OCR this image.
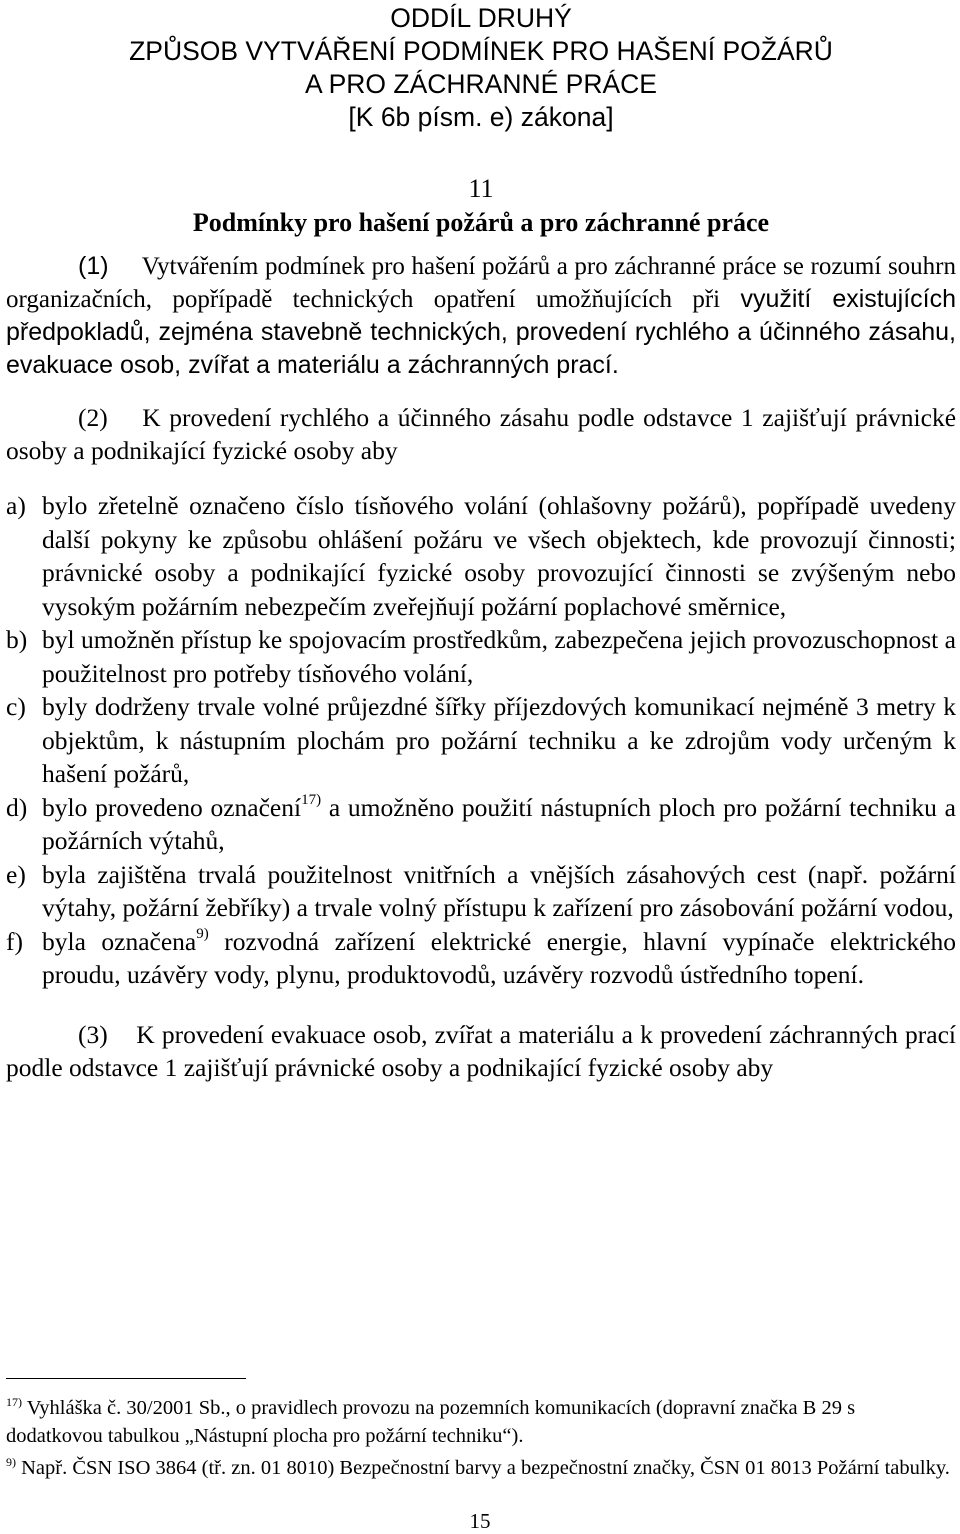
ODDÍL DRUHÝ
ZPŮSOB VYTVÁŘENÍ PODMÍNEK PRO HAŠENÍ POŽÁRŮ
A PRO ZÁCHRANNÉ PRÁCE
[K 6b písm. e) zákona]
11
Podmínky pro hašení požárů a pro záchranné práce

(1) Vytvářením podmínek pro hašení požárů a pro záchranné práce se rozumí souhrn organizačních, popřípadě technických opatření umožňujících při využití existujících předpokladů, zejména stavebně technických, provedení rychlého a účinného zásahu, evakuace osob, zvířat a materiálu a záchranných prací.

(2) K provedení rychlého a účinného zásahu podle odstavce 1 zajišťují právnické osoby a podnikající fyzické osoby aby

a) bylo zřetelně označeno číslo tísňového volání (ohlašovny požárů), popřípadě uvedeny další pokyny ke způsobu ohlášení požáru ve všech objektech, kde provozují činnosti; právnické osoby a podnikající fyzické osoby provozující činnosti se zvýšeným nebo vysokým požárním nebezpečím zveřejňují požární poplachové směrnice,
b) byl umožněn přístup ke spojovacím prostředkům, zabezpečena jejich provozuschopnost a použitelnost pro potřeby tísňového volání,
c) byly dodrženy trvale volné průjezdné šířky příjezdových komunikací nejméně 3 metry k objektům, k nástupním plochám pro požární techniku a ke zdrojům vody určeným k hašení požárů,
d) bylo provedeno označení$^{17)}$ a umožněno použití nástupních ploch pro požární techniku a požárních výtahů,
e) byla zajištěna trvalá použitelnost vnitřních a vnějších zásahových cest (např. požární výtahy, požární žebříky) a trvale volný přístupu k zařízení pro zásobování požární vodou,
f) byla označena$^{9)}$ rozvodná zařízení elektrické energie, hlavní vypínače elektrického proudu, uzávěry vody, plynu, produktovodů, uzávěry rozvodů ústředního topení.

(3) K provedení evakuace osob, zvířat a materiálu a k provedení záchranných prací podle odstavce 1 zajišťují právnické osoby a podnikající fyzické osoby aby

$^{17)}$ Vyhláška č. 30/2001 Sb., o pravidlech provozu na pozemních komunikacích (dopravní značka B 29 s dodatkovou tabulkou „Nástupní plocha pro požární techniku“).
$^{9)}$ Např. ČSN ISO 3864 (tř. zn. 01 8010) Bezpečnostní barvy a bezpečnostní značky, ČSN 01 8013 Požární tabulky.
15
